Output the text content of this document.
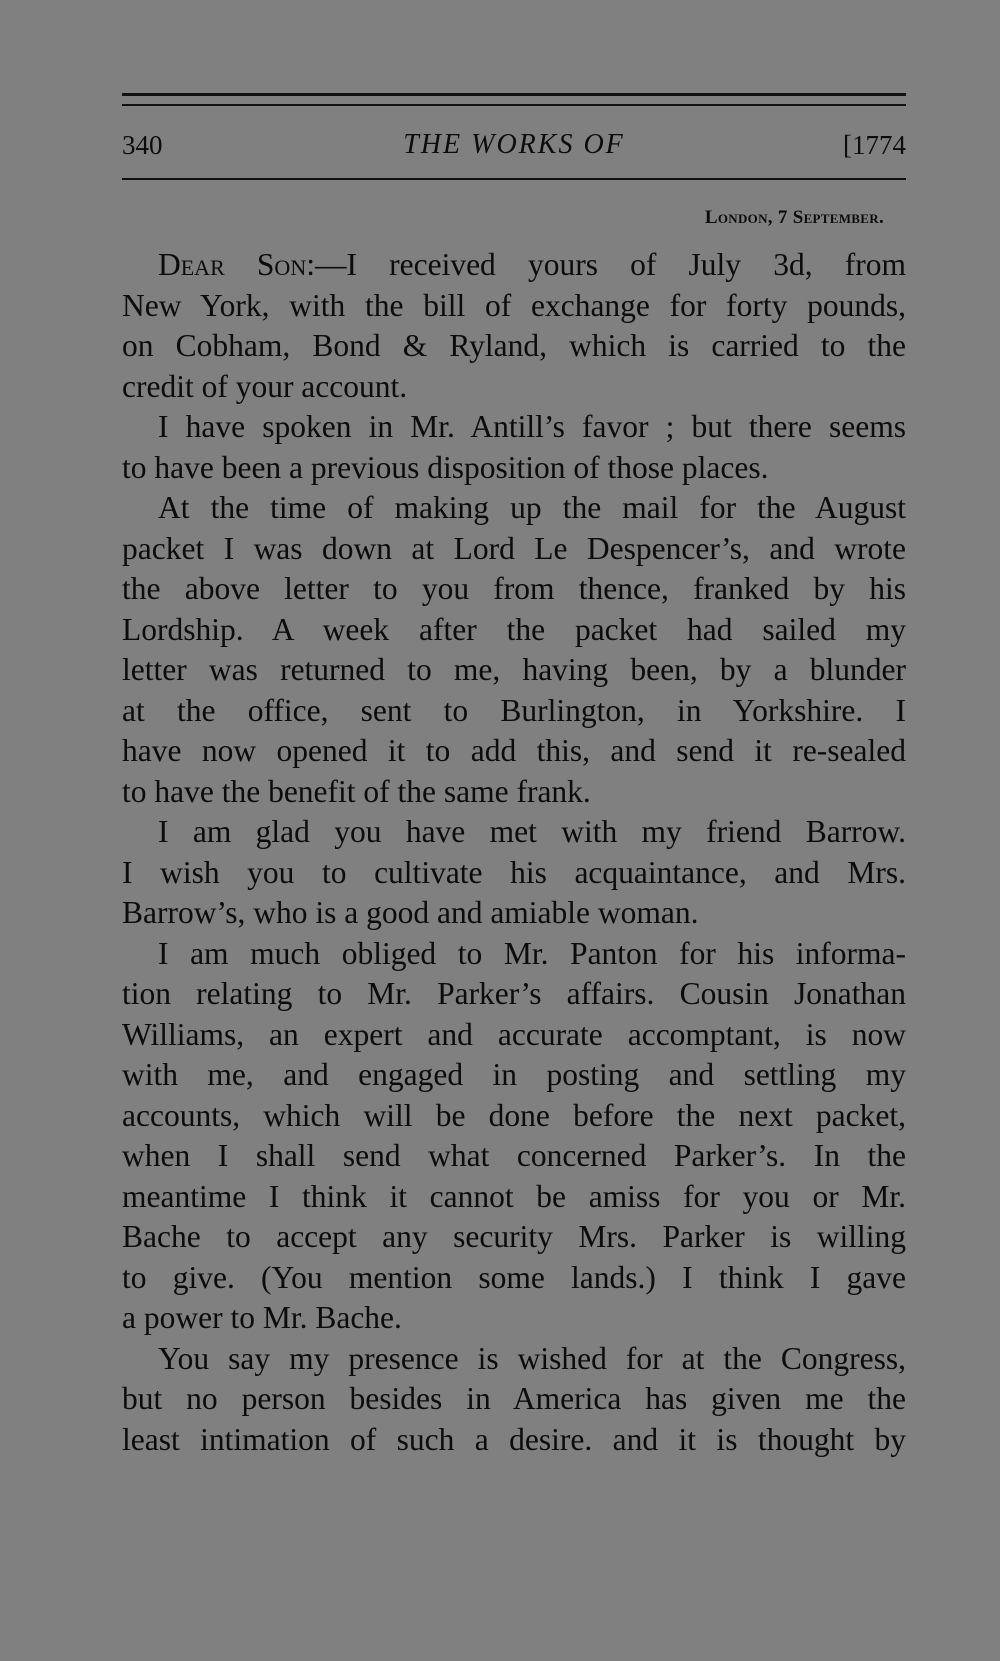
340	THE WORKS OF	[1774
London, 7 September.
Dear Son:—I received yours of July 3d, from
New York, with the bill of exchange for forty pounds,
on Cobham, Bond & Ryland, which is carried to the
credit of your account.
I have spoken in Mr. Antill’s favor ; but there seems
to have been a previous disposition of those places.
At the time of making up the mail for the August
packet I was down at Lord Le Despencer’s, and wrote
the above letter to you from thence, franked by his
Lordship. A week after the packet had sailed my
letter was returned to me, having been, by a blunder
at the office, sent to Burlington, in Yorkshire. I
have now opened it to add this, and send it re-sealed
to have the benefit of the same frank.
I am glad you have met with my friend Barrow.
I wish you to cultivate his acquaintance, and Mrs.
Barrow’s, who is a good and amiable woman.
I am much obliged to Mr. Panton for his informa-
tion relating to Mr. Parker’s affairs. Cousin Jonathan
Williams, an expert and accurate accomptant, is now
with me, and engaged in posting and settling my
accounts, which will be done before the next packet,
when I shall send what concerned Parker’s. In the
meantime I think it cannot be amiss for you or Mr.
Bache to accept any security Mrs. Parker is willing
to give. (You mention some lands.) I think I gave
a power to Mr. Bache.
You say my presence is wished for at the Congress,
but no person besides in America has given me the
least intimation of such a desire. and it is thought by
